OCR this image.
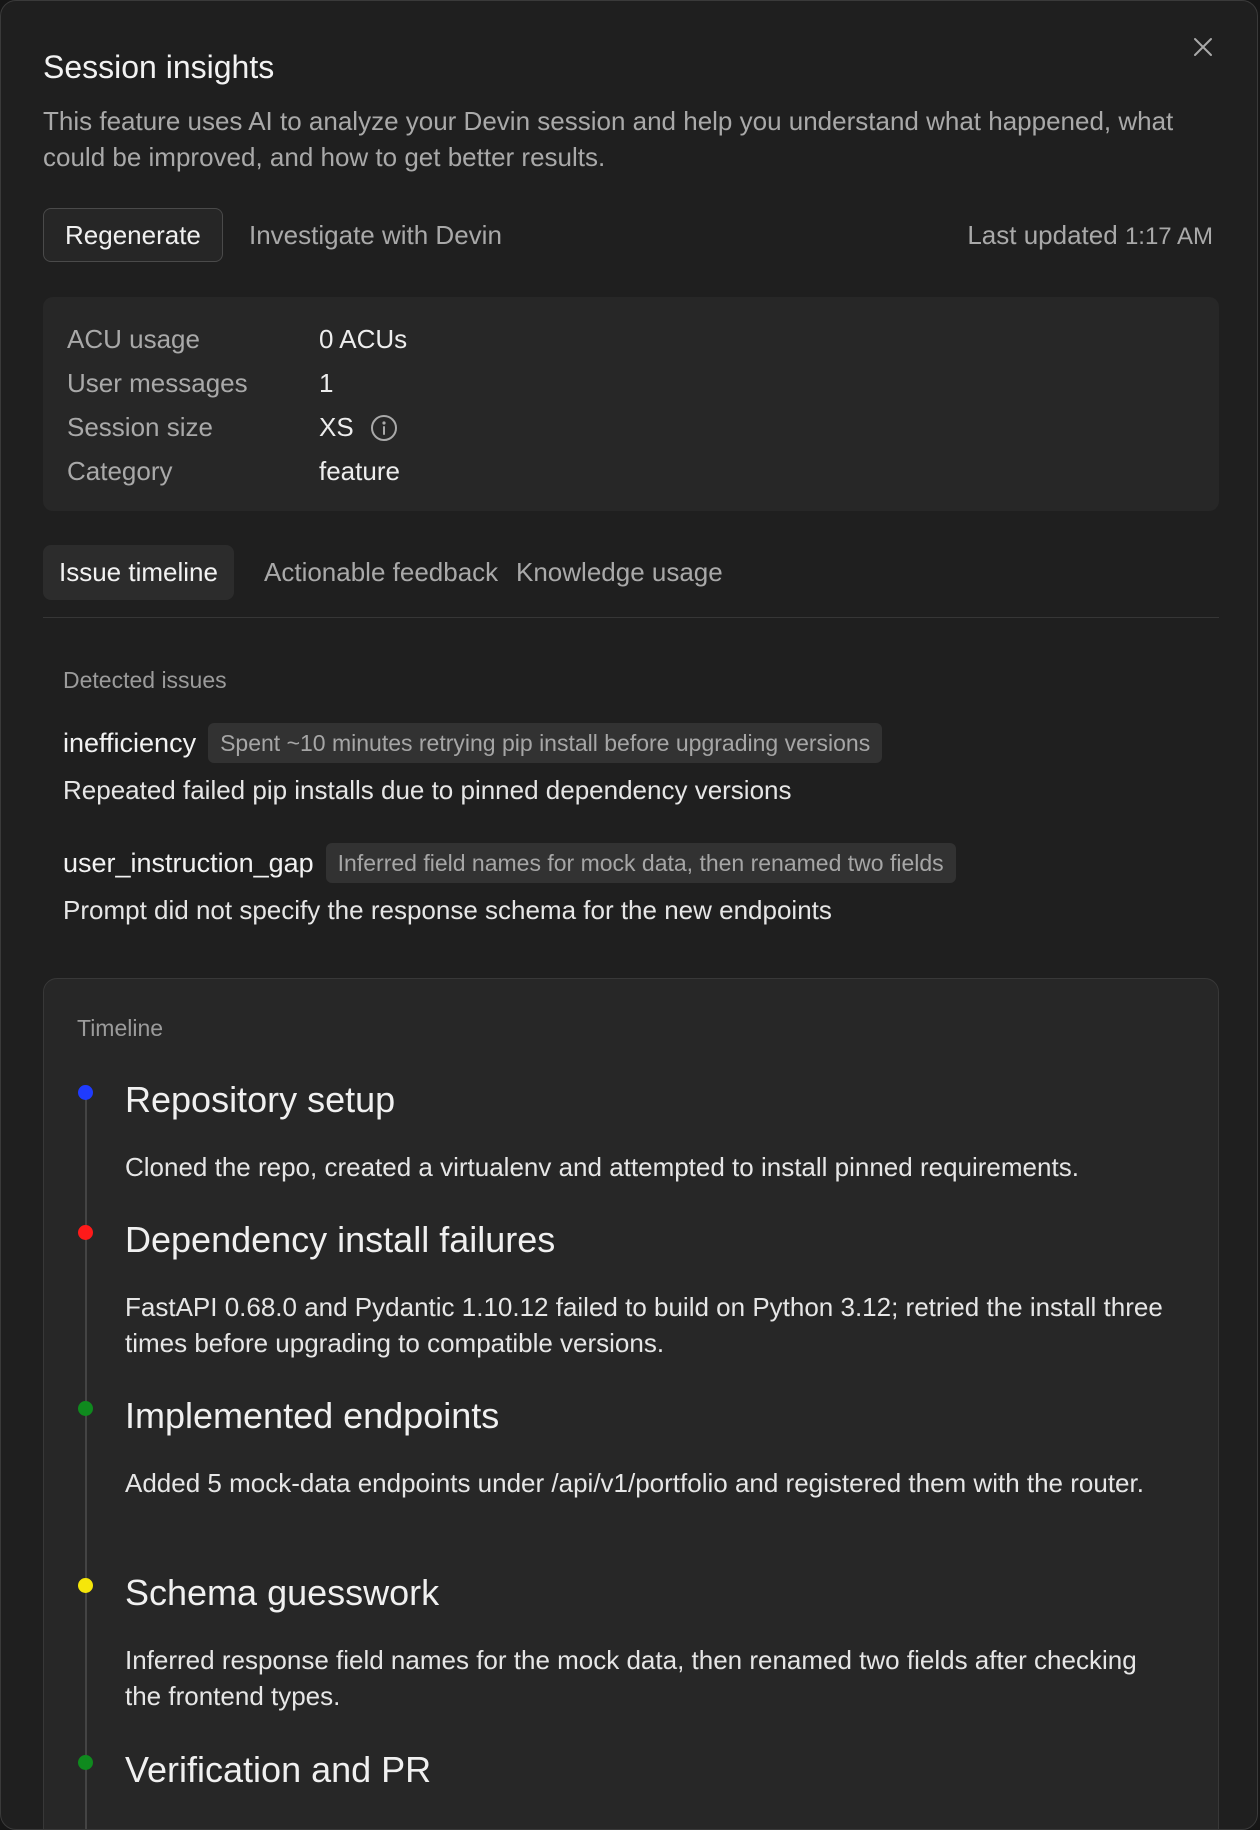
Session insights

This feature uses AI to analyze your Devin session and help you understand what happened, what could be improved, and how to get better results.

Regenerate	Investigate with Devin	Last updated 1:17 AM
ACU usage	0 ACUs
User messages	1
Session size	XS
Category	feature
Issue timeline	Actionable feedback Knowledge usage
Detected issues
inefficiency	Spent ~10 minutes retrying pip install before upgrading versions
Repeated failed pip installs due to pinned dependency versions
user_instruction_gap	Inferred field names for mock data, then renamed two fields
Prompt did not specify the response schema for the new endpoints
Timeline
Repository setup
Cloned the repo, created a virtualenv and attempted to install pinned requirements.
Dependency install failures
FastAPI 0.68.0 and Pydantic 1.10.12 failed to build on Python 3.12; retried the install three times before upgrading to compatible versions.
Implemented endpoints
Added 5 mock-data endpoints under /api/v1/portfolio and registered them with the router.
Schema guesswork
Inferred response field names for the mock data, then renamed two fields after checking the frontend types.
Verification and PR
